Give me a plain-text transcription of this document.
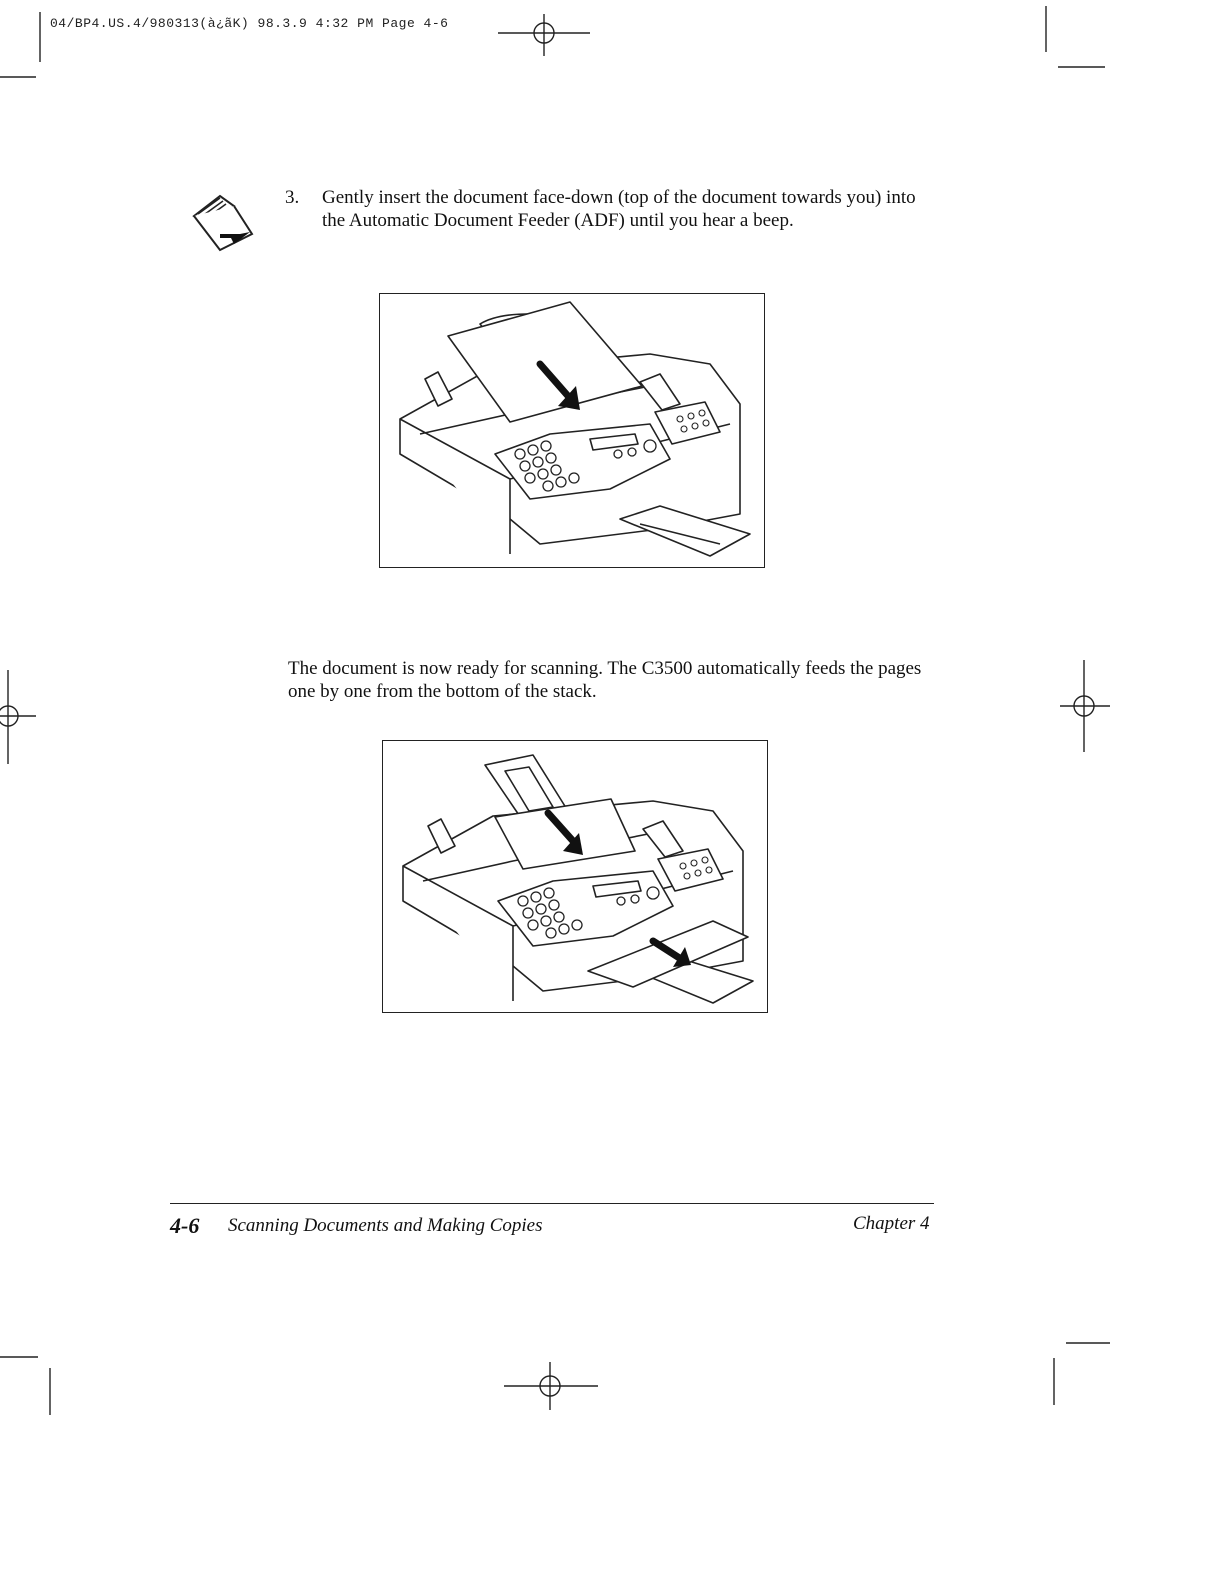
04/BP4.US.4/980313(à¿ãK) 98.3.9 4:32 PM Page 4-6
3. Gently insert the document face-down (top of the document towards you) into the Automatic Document Feeder (ADF) until you hear a beep.
The document is now ready for scanning. The C3500 automatically feeds the pages one by one from the bottom of the stack.
4-6 Scanning Documents and Making Copies	Chapter 4
